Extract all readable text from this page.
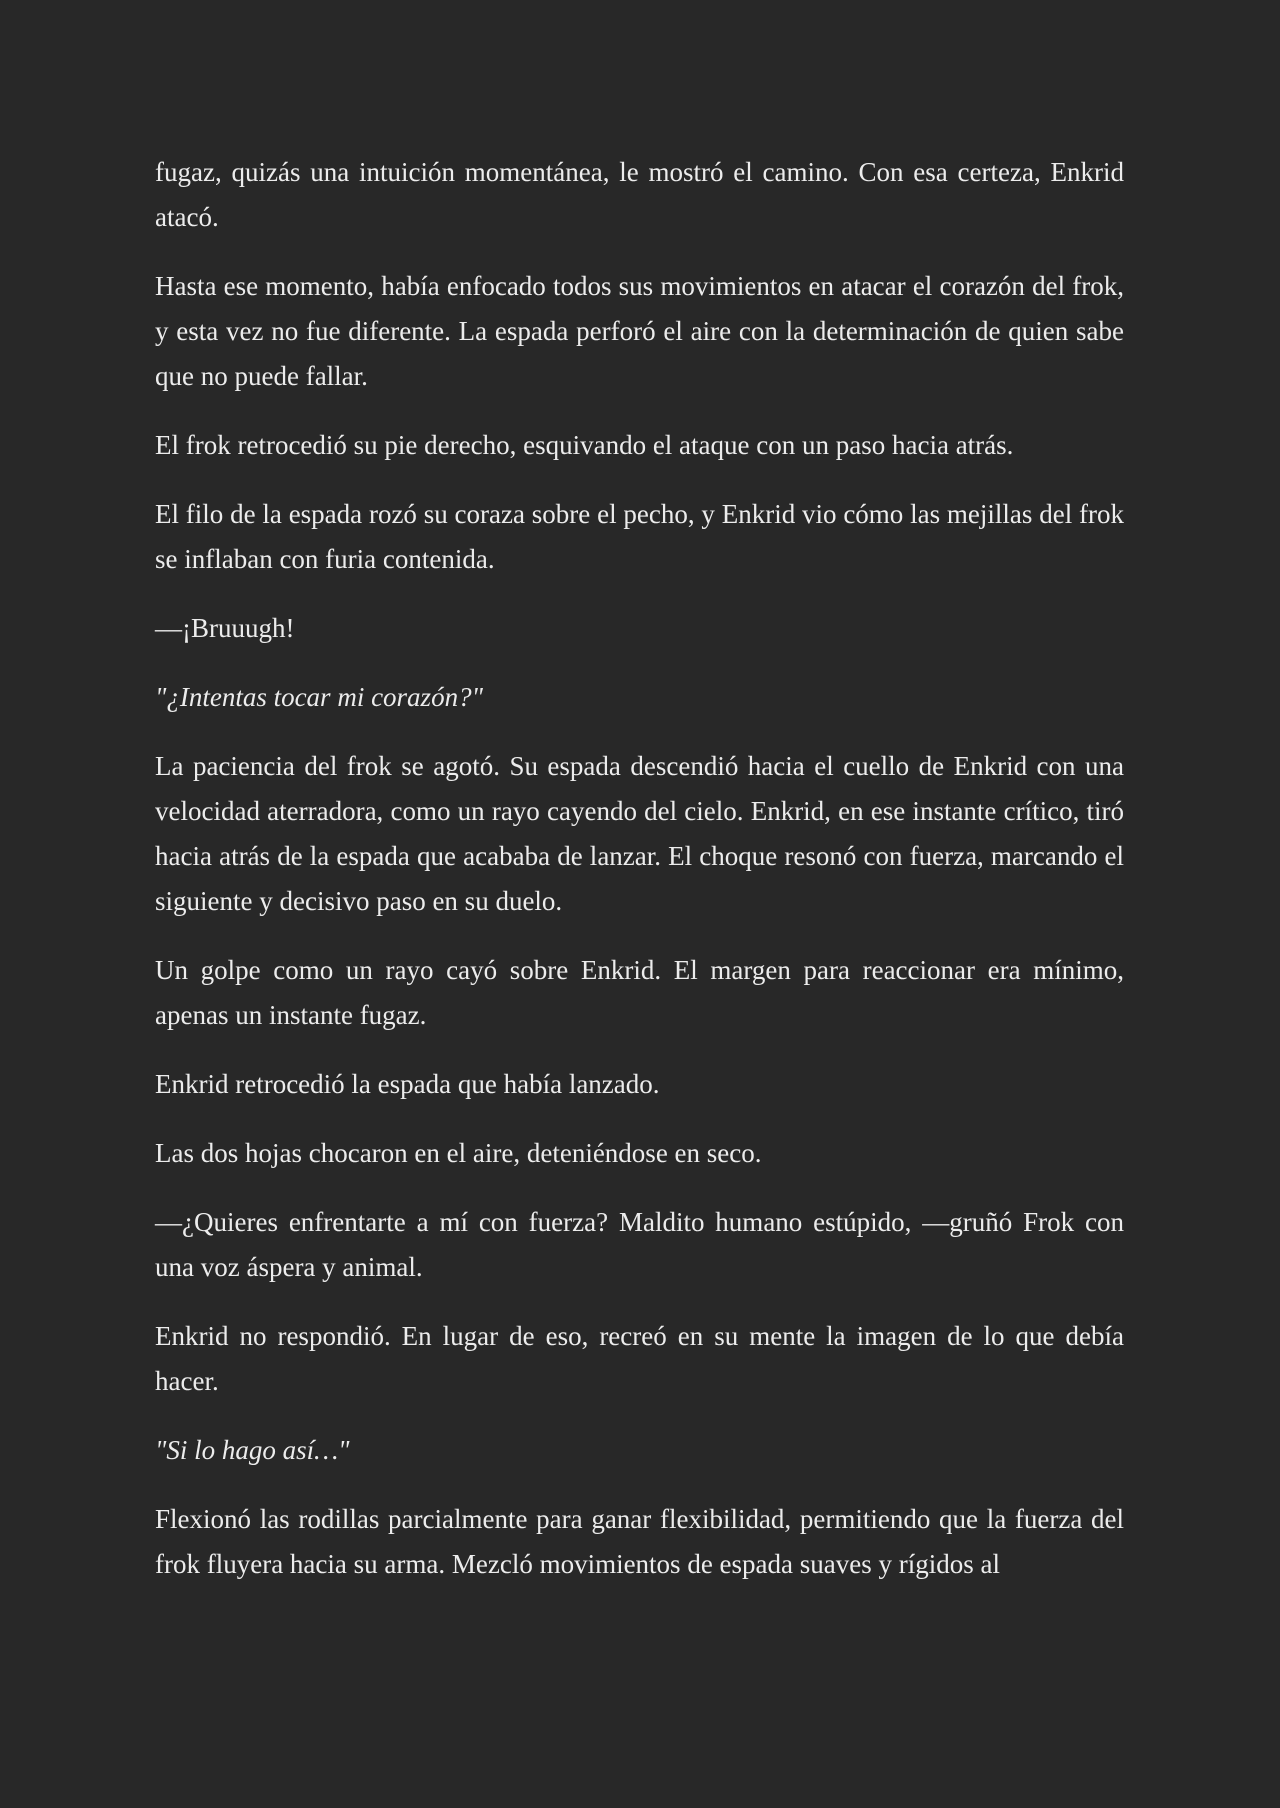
fugaz, quizás una intuición momentánea, le mostró el camino. Con esa certeza, Enkrid atacó.

Hasta ese momento, había enfocado todos sus movimientos en atacar el corazón del frok, y esta vez no fue diferente. La espada perforó el aire con la determinación de quien sabe que no puede fallar.

El frok retrocedió su pie derecho, esquivando el ataque con un paso hacia atrás.

El filo de la espada rozó su coraza sobre el pecho, y Enkrid vio cómo las mejillas del frok se inflaban con furia contenida.

—¡Bruuugh!

"¿Intentas tocar mi corazón?"

La paciencia del frok se agotó. Su espada descendió hacia el cuello de Enkrid con una velocidad aterradora, como un rayo cayendo del cielo. Enkrid, en ese instante crítico, tiró hacia atrás de la espada que acababa de lanzar. El choque resonó con fuerza, marcando el siguiente y decisivo paso en su duelo.

Un golpe como un rayo cayó sobre Enkrid. El margen para reaccionar era mínimo, apenas un instante fugaz.

Enkrid retrocedió la espada que había lanzado.

Las dos hojas chocaron en el aire, deteniéndose en seco.

—¿Quieres enfrentarte a mí con fuerza? Maldito humano estúpido, —gruñó Frok con una voz áspera y animal.

Enkrid no respondió. En lugar de eso, recreó en su mente la imagen de lo que debía hacer.

"Si lo hago así…"

Flexionó las rodillas parcialmente para ganar flexibilidad, permitiendo que la fuerza del frok fluyera hacia su arma. Mezcló movimientos de espada suaves y rígidos al
